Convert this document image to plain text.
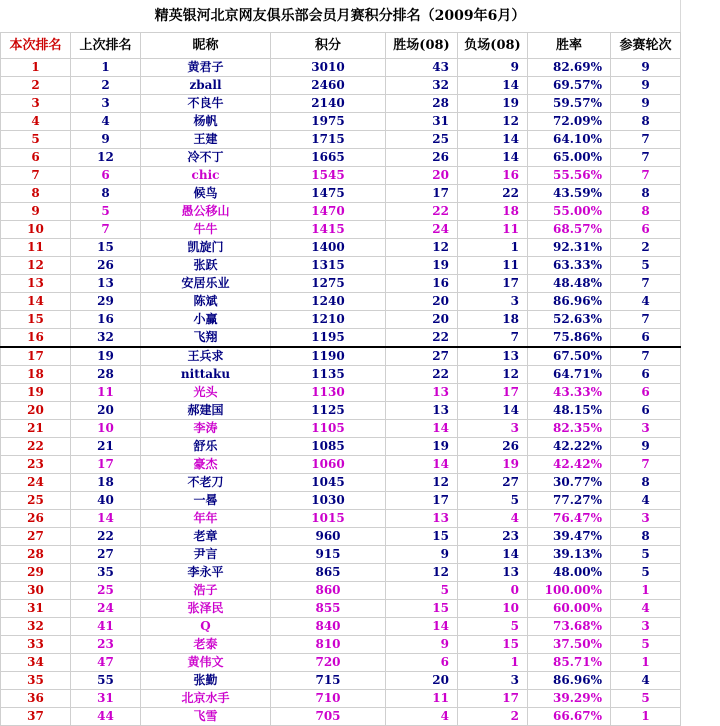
精英银河北京网友俱乐部会员月赛积分排名（2009年6月）
本次排名	上次排名	昵称	积分	胜场(08)	负场(08)	胜率	参赛轮次
1	1	黄君子	3010	43	9	82.69%	9
2	2	zball	2460	32	14	69.57%	9
3	3	不良牛	2140	28	19	59.57%	9
4	4	杨帆	1975	31	12	72.09%	8
5	9	王建	1715	25	14	64.10%	7
6	12	冷不丁	1665	26	14	65.00%	7
7	6	chic	1545	20	16	55.56%	7
8	8	候鸟	1475	17	22	43.59%	8
9	5	愚公移山	1470	22	18	55.00%	8
10	7	牛牛	1415	24	11	68.57%	6
11	15	凯旋门	1400	12	1	92.31%	2
12	26	张跃	1315	19	11	63.33%	5
13	13	安居乐业	1275	16	17	48.48%	7
14	29	陈斌	1240	20	3	86.96%	4
15	16	小赢	1210	20	18	52.63%	7
16	32	飞翔	1195	22	7	75.86%	6
17	19	王兵求	1190	27	13	67.50%	7
18	28	nittaku	1135	22	12	64.71%	6
19	11	光头	1130	13	17	43.33%	6
20	20	郝建国	1125	13	14	48.15%	6
21	10	李涛	1105	14	3	82.35%	3
22	21	舒乐	1085	19	26	42.22%	9
23	17	豪杰	1060	14	19	42.42%	7
24	18	不老刀	1045	12	27	30.77%	8
25	40	一晷	1030	17	5	77.27%	4
26	14	年年	1015	13	4	76.47%	3
27	22	老章	960	15	23	39.47%	8
28	27	尹言	915	9	14	39.13%	5
29	35	李永平	865	12	13	48.00%	5
30	25	浩子	860	5	0	100.00%	1
31	24	张泽民	855	15	10	60.00%	4
32	41	Q	840	14	5	73.68%	3
33	23	老泰	810	9	15	37.50%	5
34	47	黄伟文	720	6	1	85.71%	1
35	55	张勤	715	20	3	86.96%	4
36	31	北京水手	710	11	17	39.29%	5
37	44	飞雪	705	4	2	66.67%	1
